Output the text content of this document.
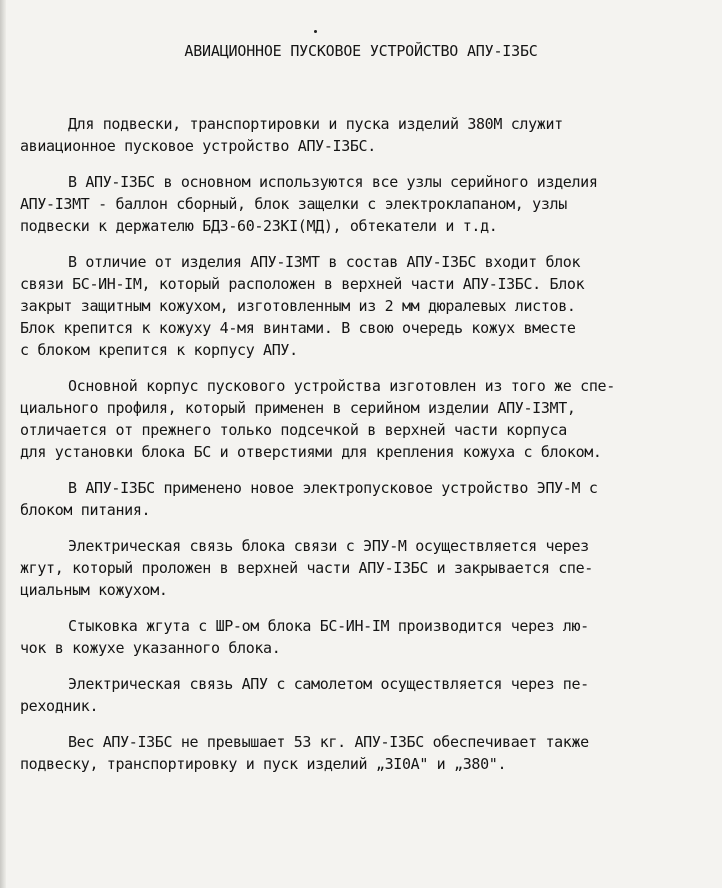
АВИАЦИОННОЕ ПУСКОВОЕ УСТРОЙСТВО АПУ-I3БС
Для подвески, транспортировки и пуска изделий 380М служит
авиационное пусковое устройство АПУ-I3БС.
В АПУ-I3БС в основном используются все узлы серийного изделия
АПУ-I3МТ - баллон сборный, блок защелки с электроклапаном, узлы
подвески к держателю БДЗ-60-23КI(МД), обтекатели и т.д.
В отличие от изделия АПУ-I3МТ в состав АПУ-I3БС входит блок
связи БС-ИН-IM, который расположен в верхней части АПУ-I3БС. Блок
закрыт защитным кожухом, изготовленным из 2 мм дюралевых листов.
Блок крепится к кожуху 4-мя винтами. В свою очередь кожух вместе
с блоком крепится к корпусу АПУ.
Основной корпус пускового устройства изготовлен из того же спе-
циального профиля, который применен в серийном изделии АПУ-I3МТ,
отличается от прежнего только подсечкой в верхней части корпуса
для установки блока БС и отверстиями для крепления кожуха с блоком.
В АПУ-I3БС применено новое электропусковое устройство ЭПУ-М с
блоком питания.
Электрическая связь блока связи с ЭПУ-М осуществляется через
жгут, который проложен в верхней части АПУ-I3БС и закрывается спе-
циальным кожухом.
Стыковка жгута с ШР-ом блока БС-ИН-IM производится через лю-
чок в кожухе указанного блока.
Электрическая связь АПУ с самолетом осуществляется через пе-
реходник.
Вес АПУ-I3БС не превышает 53 кг. АПУ-I3БС обеспечивает также
подвеску, транспортировку и пуск изделий „3I0А" и „380".
